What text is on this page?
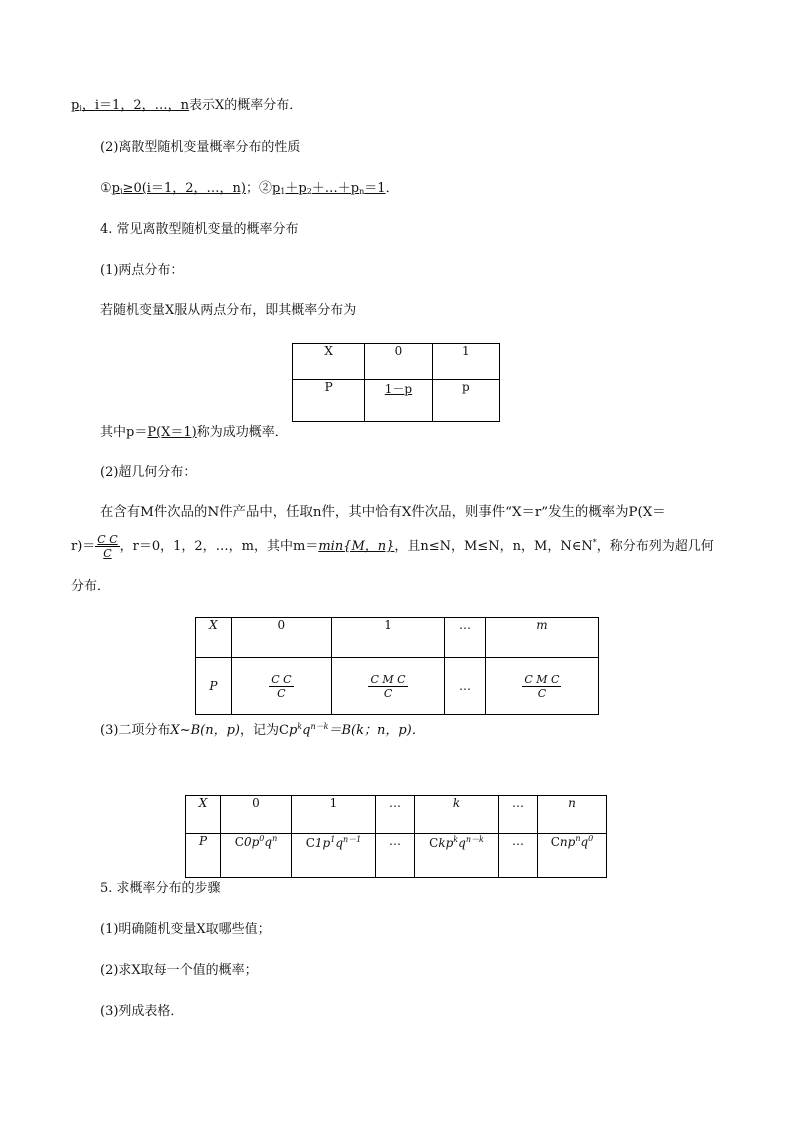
$p_i$，i＝1，2，…，n表示X的概率分布．
(2)离散型随机变量概率分布的性质
$①p_i\ge 0(i=1$，2，…，n)；$②p_1+p_2+\dots+p_n=1$．
4. 常见离散型随机变量的概率分布
(1)两点分布：
若随机变量X服从两点分布，即其概率分布为
X	0	1
P	1－p	p
其中p＝P(X＝1)称为成功概率．
(2)超几何分布：
在含有M件次品的N件产品中，任取n件，其中恰有X件次品，则事件“X＝r”发生的概率为P(X＝
$r)= \frac{\text{C C}}{C}$ ，r＝0，1，2，…，m，其中m＝min{M，n}，且n≤N，M≤N，n，M，N∈N*，称分布列为超几何
分布．
X	0	1	…	m
P	$\frac{\text{C C}}{C}$	$\frac{\text{C M C}}{C}$	…	$\frac{\text{C M C}}{C}$
(3)二项分布X~B(n，p)，记为$Cp^kq^{n-k}=B(k$；n，p)．
X	0	1	…	k	…	n
P	$C0p^0q^n$	$C1p^1q^{n-1}$	…	$Ckp^kq^{n-k}$	…	$Cnp^nq^0$
5. 求概率分布的步骤
(1)明确随机变量X取哪些值；
(2)求X取每一个值的概率；
(3)列成表格．
